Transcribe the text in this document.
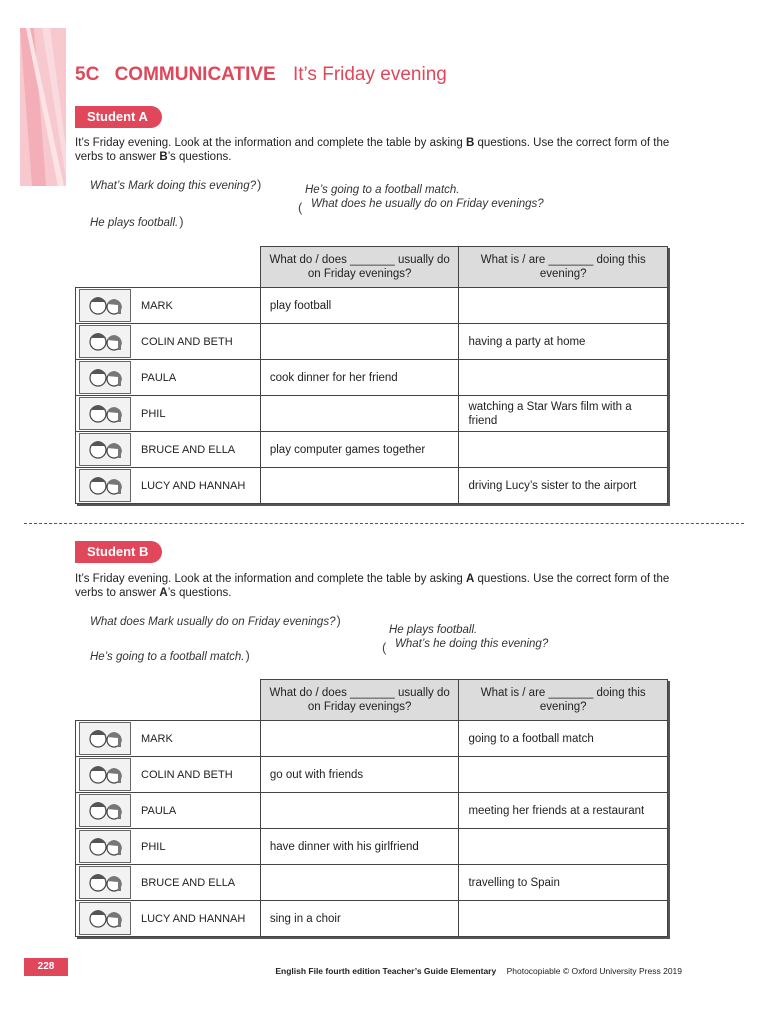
5C COMMUNICATIVE It’s Friday evening
Student A
It’s Friday evening. Look at the information and complete the table by asking B questions. Use the correct form of the verbs to answer B’s questions.
What’s Mark doing this evening?)	He’s going to a football match.
( What does he usually do on Friday evenings?
He plays football.)
	What do / does _______ usually do on Friday evenings?	What is / are _______ doing this evening?

MARK	play football	

COLIN AND BETH		having a party at home

PAULA	cook dinner for her friend	

PHIL		watching a Star Wars film with a friend

BRUCE AND ELLA	play computer games together	

LUCY AND HANNAH		driving Lucy’s sister to the airport
Student B
It’s Friday evening. Look at the information and complete the table by asking A questions. Use the correct form of the verbs to answer A’s questions.
What does Mark usually do on Friday evenings?)
He plays football.
( What’s he doing this evening?
He’s going to a football match.)
	What do / does _______ usually do on Friday evenings?	What is / are _______ doing this evening?

MARK		going to a football match

COLIN AND BETH	go out with friends	

PAULA		meeting her friends at a restaurant

PHIL	have dinner with his girlfriend	

BRUCE AND ELLA		travelling to Spain

LUCY AND HANNAH	sing in a choir	
228	English File fourth edition Teacher’s Guide Elementary Photocopiable © Oxford University Press 2019
